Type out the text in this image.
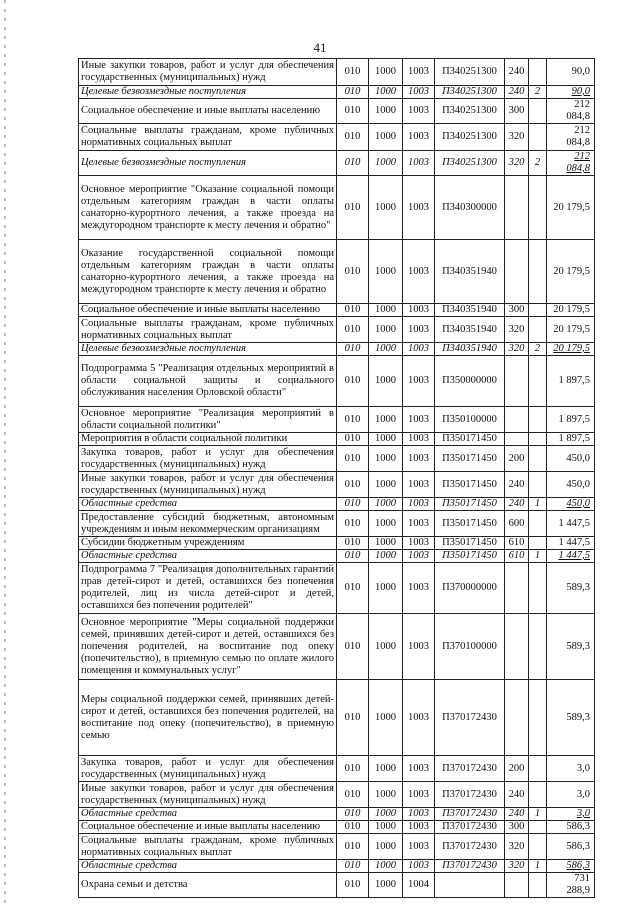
41
Иные закупки товаров, работ и услуг для обеспечения государственных (муниципальных) нужд	010	1000	1003	П340251300	240		90,0
Целевые безвозмездные поступления	010	1000	1003	П340251300	240	2	90,0
Социальное обеспечение и иные выплаты населению	010	1000	1003	П340251300	300		212 084,8
Социальные выплаты гражданам, кроме публичных нормативных социальных выплат	010	1000	1003	П340251300	320		212 084,8
Целевые безвозмездные поступления	010	1000	1003	П340251300	320	2	212 084,8
Основное мероприятие "Оказание социальной помощи отдельным категориям граждан в части оплаты санаторно-курортного лечения, а также проезда на междугородном транспорте к месту лечения и обратно"	010	1000	1003	П340300000			20 179,5
Оказание государственной социальной помощи отдельным категориям граждан в части оплаты санаторно-курортного лечения, а также проезда на междугородном транспорте к месту лечения и обратно	010	1000	1003	П340351940			20 179,5
Социальное обеспечение и иные выплаты населению	010	1000	1003	П340351940	300		20 179,5
Социальные выплаты гражданам, кроме публичных нормативных социальных выплат	010	1000	1003	П340351940	320		20 179,5
Целевые безвозмездные поступления	010	1000	1003	П340351940	320	2	20 179,5
Подпрограмма 5 "Реализация отдельных мероприятий в области социальной защиты и социального обслуживания населения Орловской области"	010	1000	1003	П350000000			1 897,5
Основное мероприятие "Реализация мероприятий в области социальной политики"	010	1000	1003	П350100000			1 897,5
Мероприятия в области социальной политики	010	1000	1003	П350171450			1 897,5
Закупка товаров, работ и услуг для обеспечения государственных (муниципальных) нужд	010	1000	1003	П350171450	200		450,0
Иные закупки товаров, работ и услуг для обеспечения государственных (муниципальных) нужд	010	1000	1003	П350171450	240		450,0
Областные средства	010	1000	1003	П350171450	240	1	450,0
Предоставление субсидий бюджетным, автономным учреждениям и иным некоммерческим организациям	010	1000	1003	П350171450	600		1 447,5
Субсидии бюджетным учреждениям	010	1000	1003	П350171450	610		1 447,5
Областные средства	010	1000	1003	П350171450	610	1	1 447,5
Подпрограмма 7 "Реализация дополнительных гарантий прав детей-сирот и детей, оставшихся без попечения родителей, лиц из числа детей-сирот и детей, оставшихся без попечения родителей"	010	1000	1003	П370000000			589,3
Основное мероприятие "Меры социальной поддержки семей, принявших детей-сирот и детей, оставшихся без попечения родителей, на воспитание под опеку (попечительство), в приемную семью по оплате жилого помещения и коммунальных услуг"	010	1000	1003	П370100000			589,3
Меры социальной поддержки семей, принявших детей-сирот и детей, оставшихся без попечения родителей, на воспитание под опеку (попечительство), в приемную семью	010	1000	1003	П370172430			589,3
Закупка товаров, работ и услуг для обеспечения государственных (муниципальных) нужд	010	1000	1003	П370172430	200		3,0
Иные закупки товаров, работ и услуг для обеспечения государственных (муниципальных) нужд	010	1000	1003	П370172430	240		3,0
Областные средства	010	1000	1003	П370172430	240	1	3,0
Социальное обеспечение и иные выплаты населению	010	1000	1003	П370172430	300		586,3
Социальные выплаты гражданам, кроме публичных нормативных социальных выплат	010	1000	1003	П370172430	320		586,3
Областные средства	010	1000	1003	П370172430	320	1	586,3
Охрана семьи и детства	010	1000	1004				731 288,9
